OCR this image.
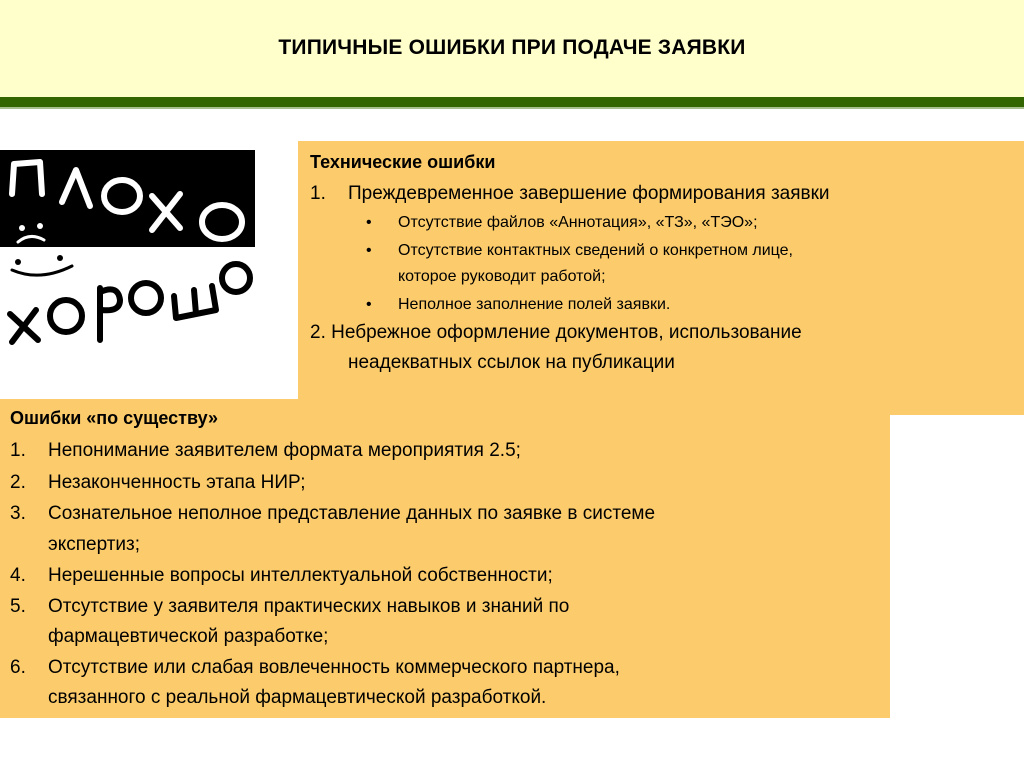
ТИПИЧНЫЕ ОШИБКИ ПРИ ПОДАЧЕ ЗАЯВКИ
Технические ошибки
1. Преждевременное завершение формирования заявки
• Отсутствие файлов «Аннотация», «ТЗ», «ТЭО»;
• Отсутствие контактных сведений о конкретном лице,
которое руководит работой;
• Неполное заполнение полей заявки.
2. Небрежное оформление документов, использование
неадекватных ссылок на публикации
Ошибки «по существу»
1. Непонимание заявителем формата мероприятия 2.5;
2. Незаконченность этапа НИР;
3. Сознательное неполное представление данных по заявке в системе
экспертиз;
4. Нерешенные вопросы интеллектуальной собственности;
5. Отсутствие у заявителя практических навыков и знаний по
фармацевтической разработке;
6. Отсутствие или слабая вовлеченность коммерческого партнера,
связанного с реальной фармацевтической разработкой.
